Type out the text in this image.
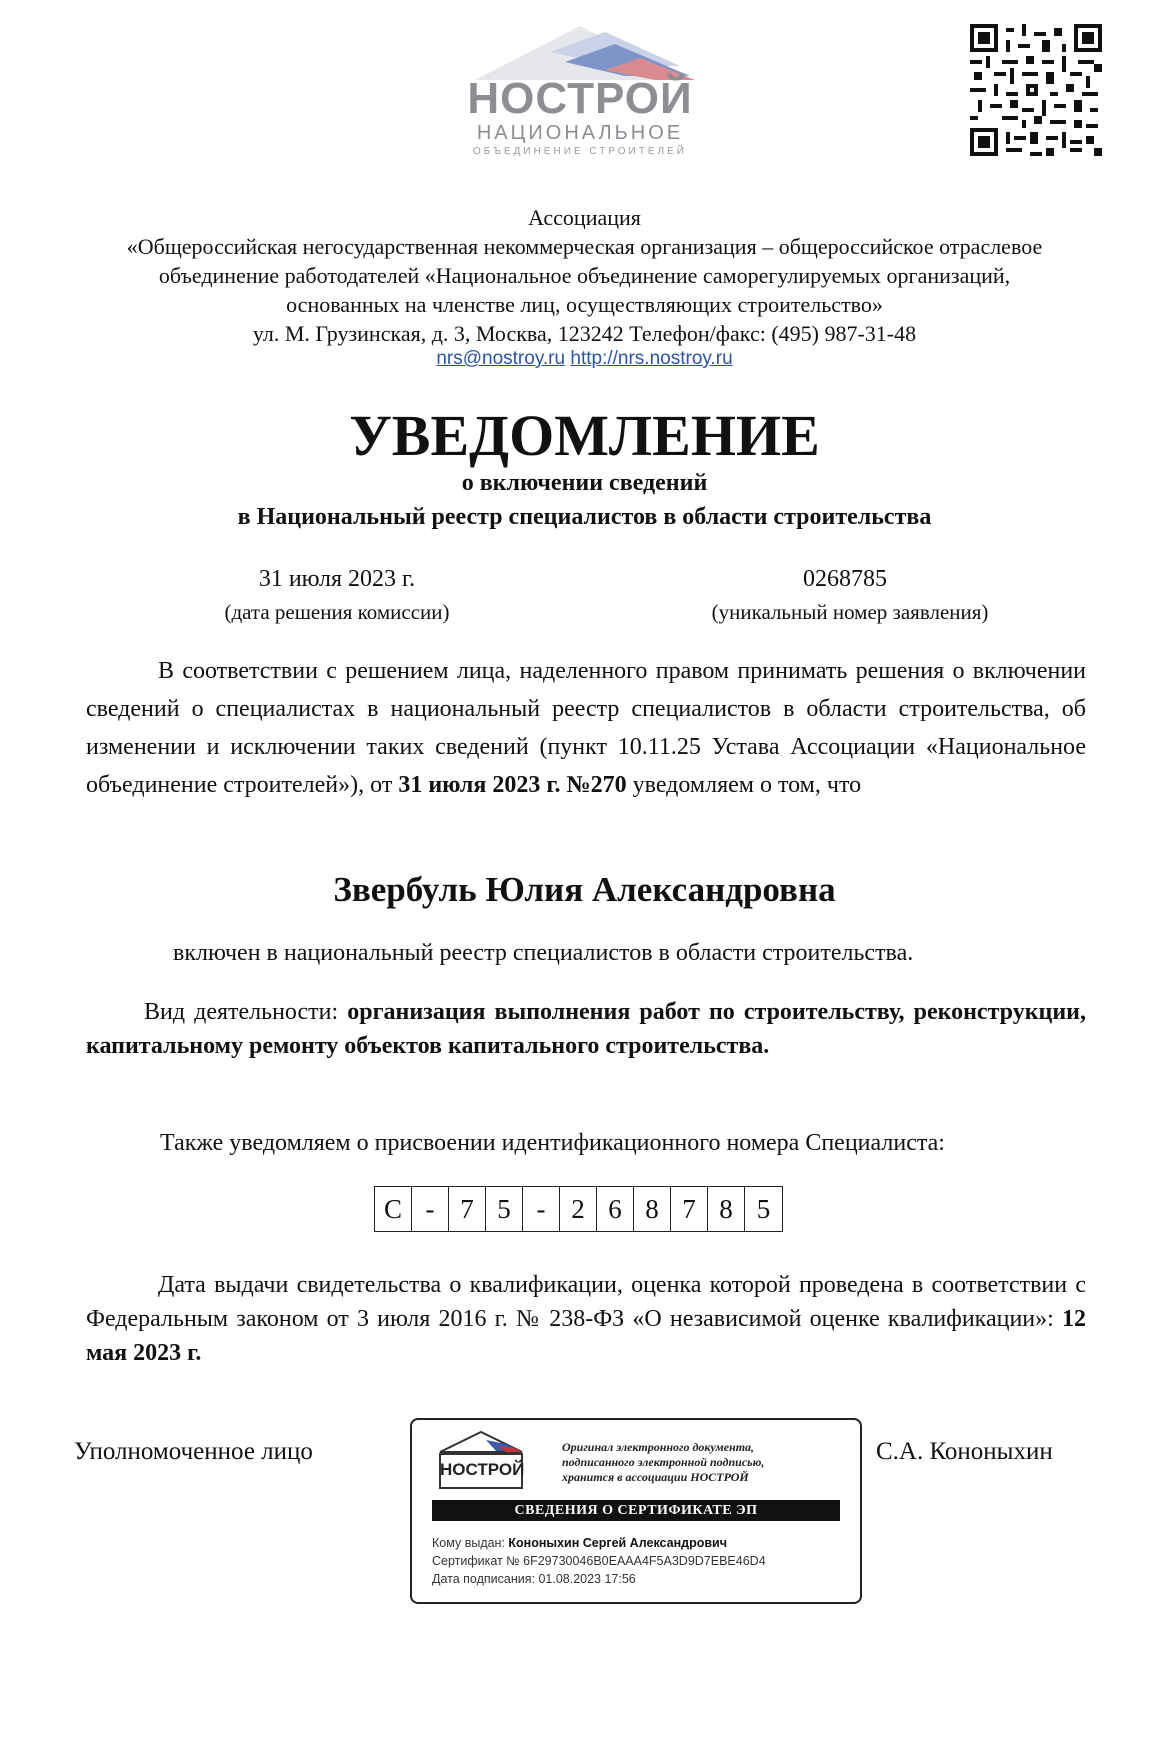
НОСТРОЙ
НАЦИОНАЛЬНОЕ
ОБЪЕДИНЕНИЕ СТРОИТЕЛЕЙ
Ассоциация
«Общероссийская негосударственная некоммерческая организация – общероссийское отраслевое
объединение работодателей «Национальное объединение саморегулируемых организаций,
основанных на членстве лиц, осуществляющих строительство»
ул. М. Грузинская, д. 3, Москва, 123242 Телефон/факс: (495) 987-31-48
nrs@nostroy.ru http://nrs.nostroy.ru
УВЕДОМЛЕНИЕ
о включении сведений
в Национальный реестр специалистов в области строительства
31 июля 2023 г.
(дата решения комиссии)
0268785
(уникальный номер заявления)
В соответствии с решением лица, наделенного правом принимать решения о включении сведений о специалистах в национальный реестр специалистов в области строительства, об изменении и исключении таких сведений (пункт 10.11.25 Устава Ассоциации «Национальное объединение строителей»), от 31 июля 2023 г. №270 уведомляем о том, что
Звербуль Юлия Александровна
включен в национальный реестр специалистов в области строительства.
Вид деятельности: организация выполнения работ по строительству, реконструкции, капитальному ремонту объектов капитального строительства.
Также уведомляем о присвоении идентификационного номера Специалиста:
С - 7 5 - 2 6 8 7 8 5
Дата выдачи свидетельства о квалификации, оценка которой проведена в соответствии с Федеральным законом от 3 июля 2016 г. № 238-ФЗ «О независимой оценке квалификации»: 12 мая 2023 г.
Уполномоченное лицо	С.А. Кононыхин
НОСТРОЙ
Оригинал электронного документа,
подписанного электронной подписью,
хранится в ассоциации НОСТРОЙ
СВЕДЕНИЯ О СЕРТИФИКАТЕ ЭП
Кому выдан: Кононыхин Сергей Александрович
Сертификат № 6F29730046B0EAAA4F5A3D9D7EBE46D4
Дата подписания: 01.08.2023 17:56
